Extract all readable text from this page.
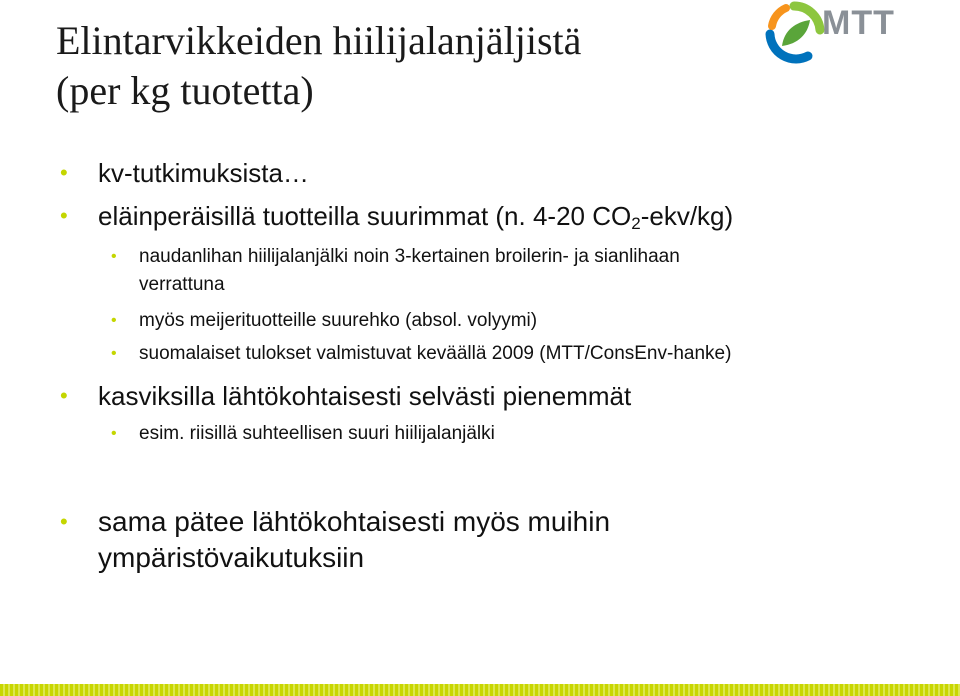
Elintarvikkeiden hiilijalanjäljistä
(per kg tuotetta)
MTT

• kv-tutkimuksista…

• eläinperäisillä tuotteilla suurimmat (n. 4-20 $CO_2-ekv/kg$)

• naudanlihan hiilijalanjälki noin 3-kertainen broilerin- ja sianlihaan

verrattuna

• myös meijerituotteille suurehko (absol. volyymi)

• suomalaiset tulokset valmistuvat keväällä 2009 (MTT/ConsEnv-hanke)

• kasviksilla lähtökohtaisesti selvästi pienemmät

• esim. riisillä suhteellisen suuri hiilijalanjälki

• sama pätee lähtökohtaisesti myös muihin

ympäristövaikutuksiin
